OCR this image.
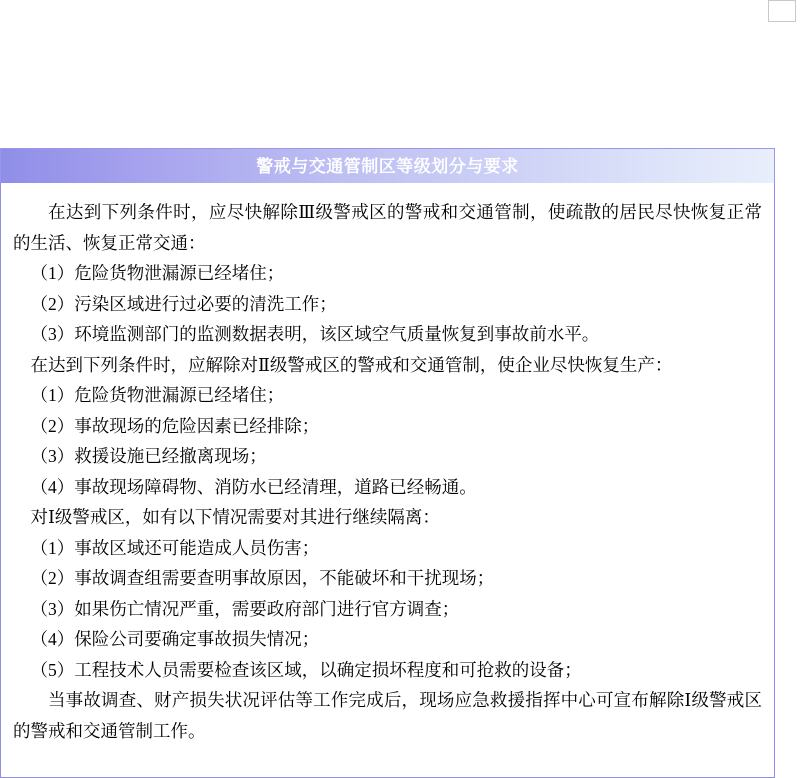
警戒与交通管制区等级划分与要求

在达到下列条件时，应尽快解除Ⅲ级警戒区的警戒和交通管制，使疏散的居民尽快恢复正常的生活、恢复正常交通：

（1）危险货物泄漏源已经堵住；

（2）污染区域进行过必要的清洗工作；

（3）环境监测部门的监测数据表明，该区域空气质量恢复到事故前水平。

在达到下列条件时，应解除对Ⅱ级警戒区的警戒和交通管制，使企业尽快恢复生产：

（1）危险货物泄漏源已经堵住；

（2）事故现场的危险因素已经排除；

（3）救援设施已经撤离现场；

（4）事故现场障碍物、消防水已经清理，道路已经畅通。

对Ⅰ级警戒区，如有以下情况需要对其进行继续隔离：

（1）事故区域还可能造成人员伤害；

（2）事故调查组需要查明事故原因，不能破坏和干扰现场；

（3）如果伤亡情况严重，需要政府部门进行官方调查；

（4）保险公司要确定事故损失情况；

（5）工程技术人员需要检查该区域，以确定损坏程度和可抢救的设备；

当事故调查、财产损失状况评估等工作完成后，现场应急救援指挥中心可宣布解除Ⅰ级警戒区的警戒和交通管制工作。
